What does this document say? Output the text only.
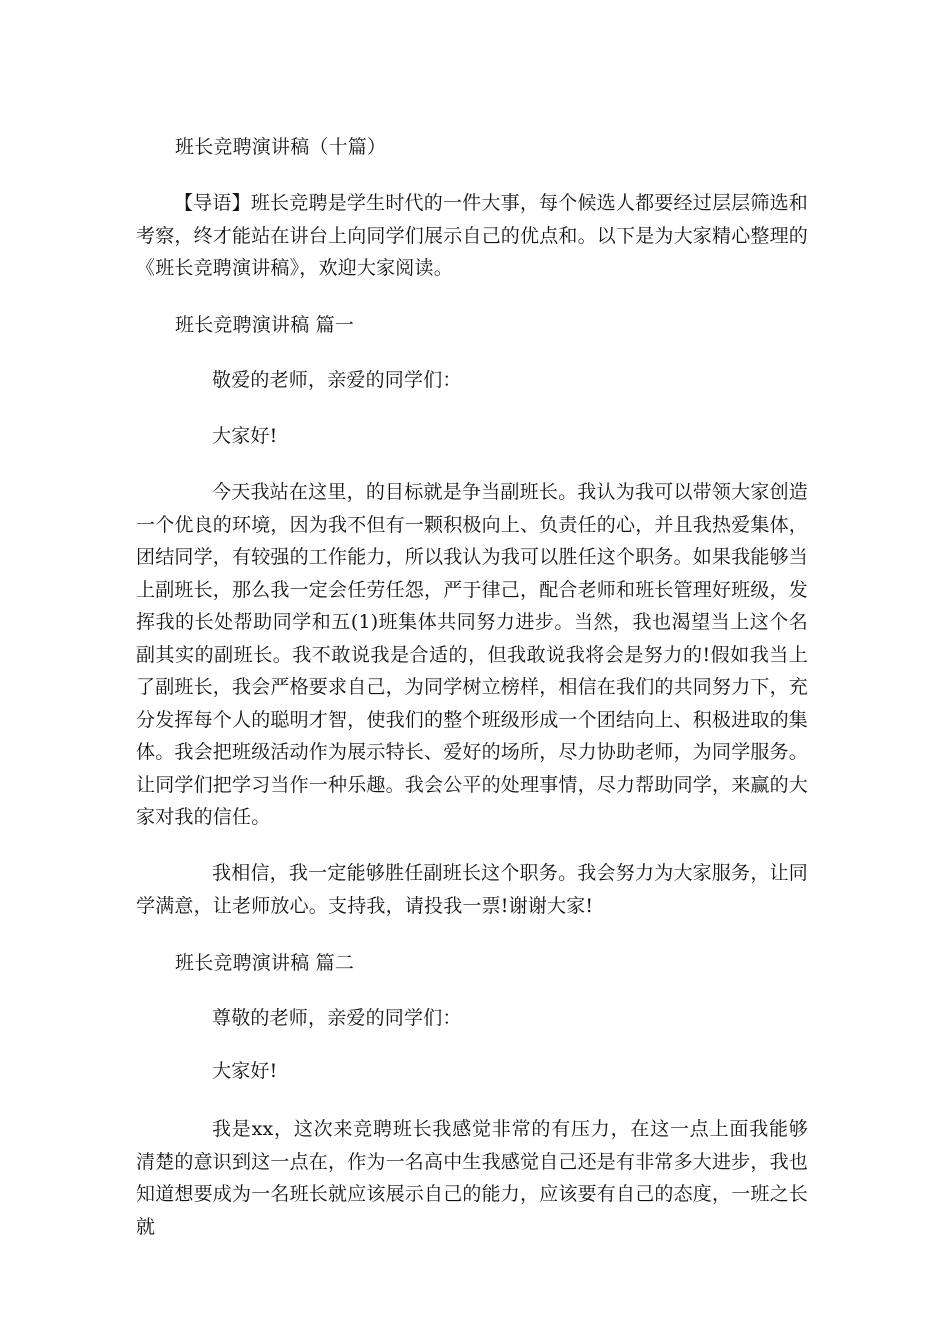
班长竞聘演讲稿（十篇）
【导语】班长竞聘是学生时代的一件大事，每个候选人都要经过层层筛选和考察，终才能站在讲台上向同学们展示自己的优点和。以下是为大家精心整理的《班长竞聘演讲稿》，欢迎大家阅读。
班长竞聘演讲稿 篇一
敬爱的老师，亲爱的同学们：
大家好!
今天我站在这里，的目标就是争当副班长。我认为我可以带领大家创造一个优良的环境，因为我不但有一颗积极向上、负责任的心，并且我热爱集体，团结同学，有较强的工作能力，所以我认为我可以胜任这个职务。如果我能够当上副班长，那么我一定会任劳任怨，严于律己，配合老师和班长管理好班级，发挥我的长处帮助同学和五(1)班集体共同努力进步。当然，我也渴望当上这个名副其实的副班长。我不敢说我是合适的，但我敢说我将会是努力的!假如我当上了副班长，我会严格要求自己，为同学树立榜样，相信在我们的共同努力下，充分发挥每个人的聪明才智，使我们的整个班级形成一个团结向上、积极进取的集体。我会把班级活动作为展示特长、爱好的场所，尽力协助老师，为同学服务。让同学们把学习当作一种乐趣。我会公平的处理事情，尽力帮助同学，来赢的大家对我的信任。
我相信，我一定能够胜任副班长这个职务。我会努力为大家服务，让同学满意，让老师放心。支持我，请投我一票!谢谢大家!
班长竞聘演讲稿 篇二
尊敬的老师，亲爱的同学们：
大家好!
我是xx，这次来竞聘班长我感觉非常的有压力，在这一点上面我能够清楚的意识到这一点在，作为一名高中生我感觉自己还是有非常多大进步，我也知道想要成为一名班长就应该展示自己的能力，应该要有自己的态度，一班之长就
